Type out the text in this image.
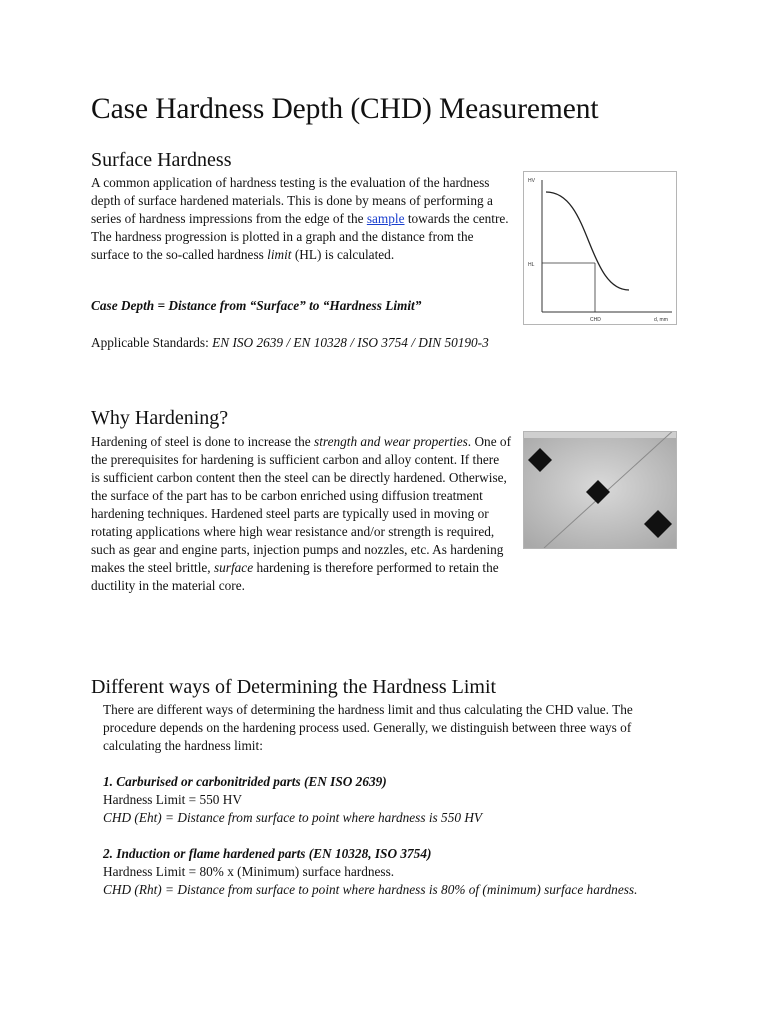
Case Hardness Depth (CHD) Measurement
Surface Hardness

A common application of hardness testing is the evaluation of the hardness depth of surface hardened materials. This is done by means of performing a series of hardness impressions from the edge of the sample towards the centre. The hardness progression is plotted in a graph and the distance from the surface to the so-called hardness limit (HL) is calculated.

Case Depth = Distance from “Surface” to “Hardness Limit”

Applicable Standards: EN ISO 2639 / EN 10328 / ISO 3754 / DIN 50190-3

HV
HL
CHD	d, mm
Why Hardening?

Hardening of steel is done to increase the strength and wear properties. One of the prerequisites for hardening is sufficient carbon and alloy content. If there is sufficient carbon content then the steel can be directly hardened. Otherwise, the surface of the part has to be carbon enriched using diffusion treatment hardening techniques. Hardened steel parts are typically used in moving or rotating applications where high wear resistance and/or strength is required, such as gear and engine parts, injection pumps and nozzles, etc. As hardening makes the steel brittle, surface hardening is therefore performed to retain the ductility in the material core.

Different ways of Determining the Hardness Limit

There are different ways of determining the hardness limit and thus calculating the CHD value. The procedure depends on the hardening process used. Generally, we distinguish between three ways of calculating the hardness limit:

1. Carburised or carbonitrided parts (EN ISO 2639)

Hardness Limit = 550 HV

CHD (Eht) = Distance from surface to point where hardness is 550 HV

2. Induction or flame hardened parts (EN 10328, ISO 3754)

Hardness Limit = 80% x (Minimum) surface hardness.

CHD (Rht) = Distance from surface to point where hardness is 80% of (minimum) surface hardness.
